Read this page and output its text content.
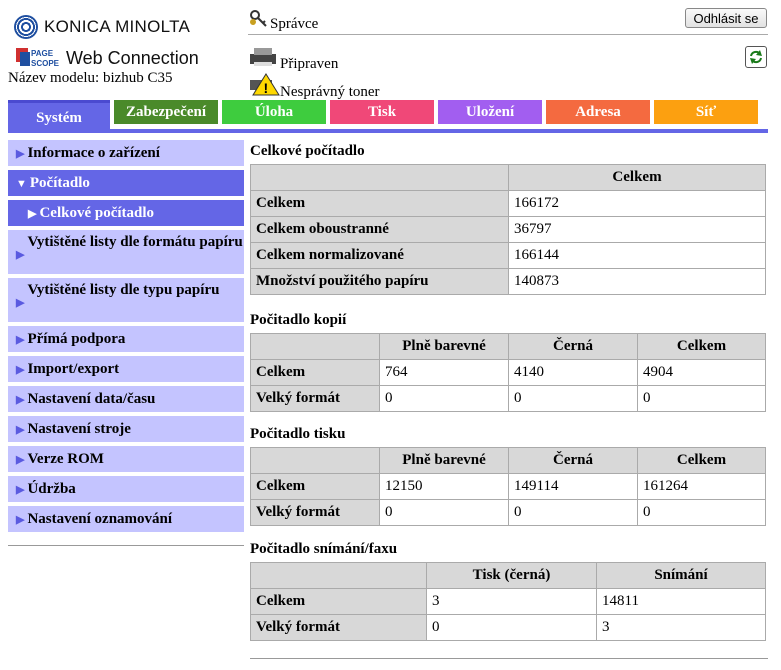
KONICA MINOLTA
PAGE
SCOPE Web Connection
Název modelu: bizhub C35
Správce	Odhlásit se
Připraven
! Nesprávný toner
Systém	Zabezpečení	Úloha	Tisk	Uložení	Adresa	Síť
▶ Informace o zařízení
▼ Počítadlo
▶ Celkové počítadlo
$_▶$Vytištěné listy dle formátu papíru
$_▶$Vytištěné listy dle typu papíru
▶ Přímá podpora
▶ Import/export
▶ Nastavení data/času
▶ Nastavení stroje
▶ Verze ROM
▶ Údržba
▶ Nastavení oznamování
Celkové počítadlo
	Celkem
Celkem	166172
Celkem oboustranné	36797
Celkem normalizované	166144
Množství použitého papíru	140873
Počitadlo kopií
	Plně barevné	Černá	Celkem
Celkem	764	4140	4904
Velký formát	0	0	0
Počitadlo tisku
	Plně barevné	Černá	Celkem
Celkem	12150	149114	161264
Velký formát	0	0	0
Počitadlo snímání/faxu
	Tisk (černá)	Snímání
Celkem	3	14811
Velký formát	0	3
